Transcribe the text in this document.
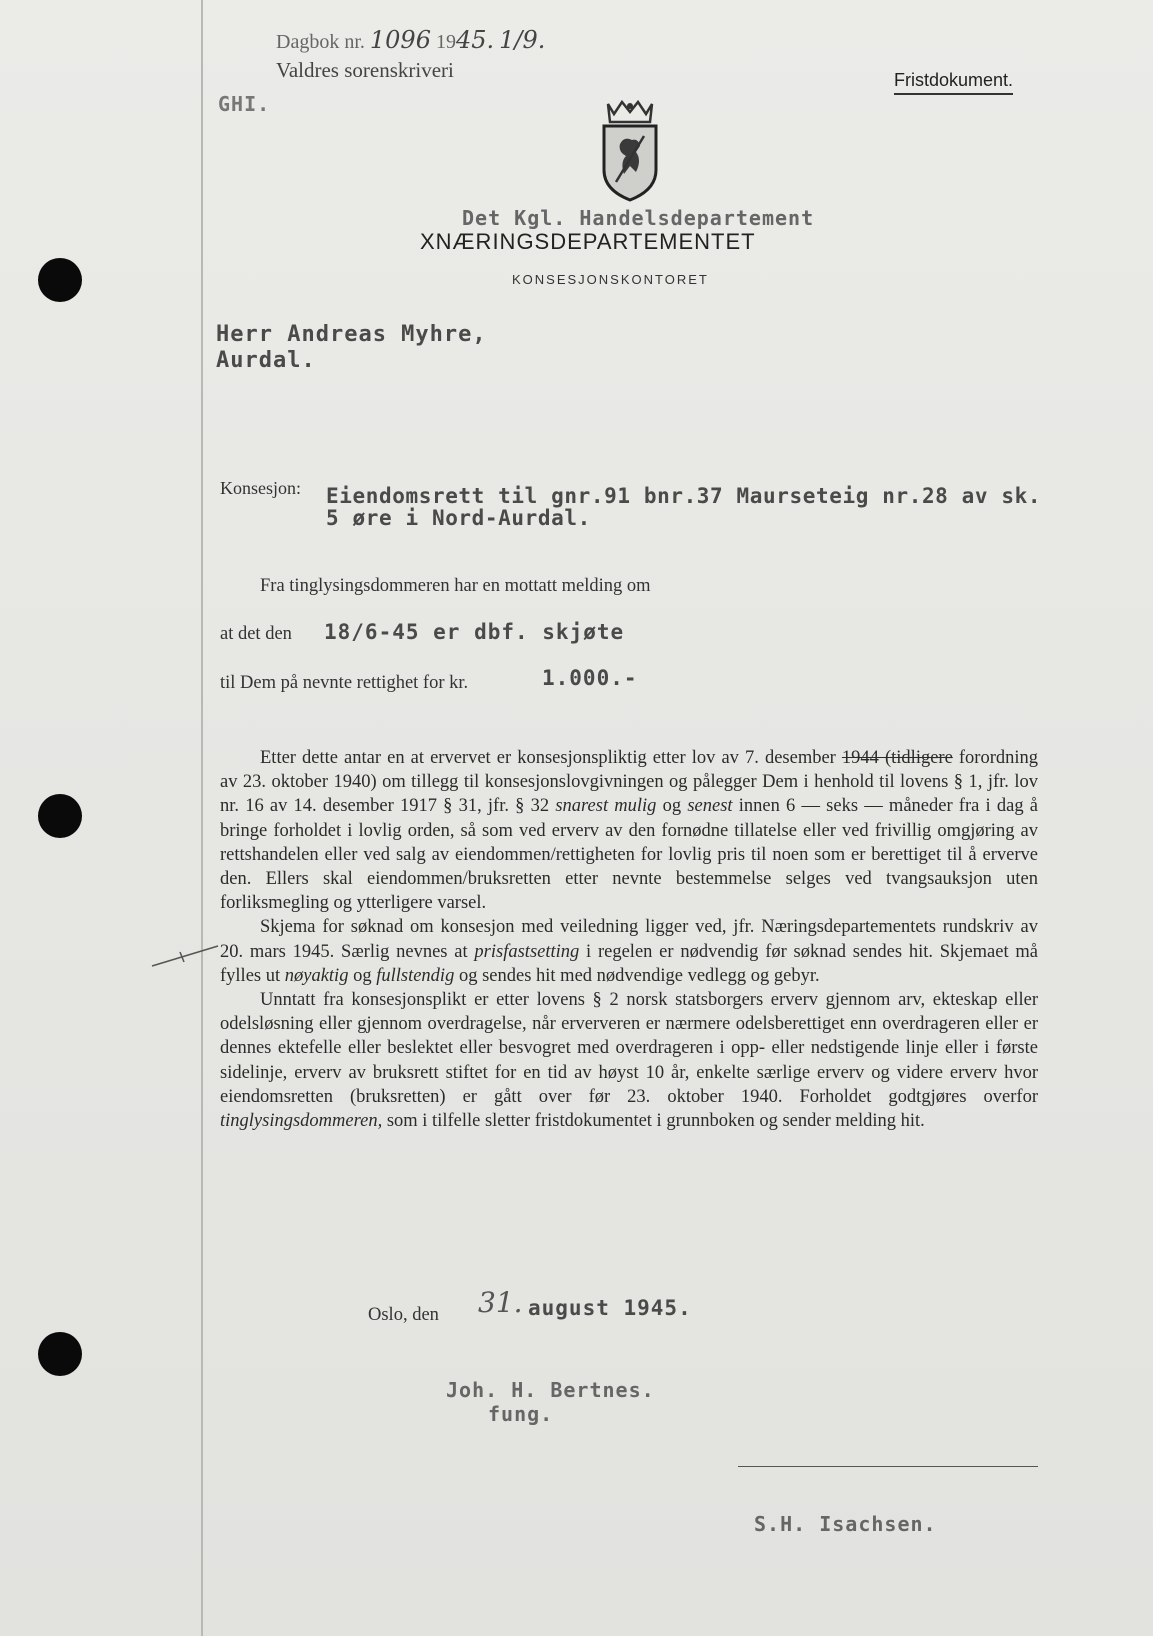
Dagbok nr. 1096 1945. 1/9.
Valdres sorenskriveri
GHI.
Fristdokument.
Det Kgl. Handelsdepartement
XNÆRINGSDEPARTEMENTET
KONSESJONSKONTORET
Herr Andreas Myhre,
Aurdal.
Konsesjon: Eiendomsrett til gnr.91 bnr.37 Maurseteig nr.28 av sk.
5 øre i Nord-Aurdal.
Fra tinglysingsdommeren har en mottatt melding om
at det den 18/6-45 er dbf. skjøte
til Dem på nevnte rettighet for kr.	1.000.-

Etter dette antar en at ervervet er konsesjonspliktig etter lov av 7. desember 1944 (tidligere forordning av 23. oktober 1940) om tillegg til konsesjonslovgivningen og pålegger Dem i henhold til lovens § 1, jfr. lov nr. 16 av 14. desember 1917 § 31, jfr. § 32 snarest mulig og senest innen 6 — seks — måneder fra i dag å bringe forholdet i lovlig orden, så som ved erverv av den fornødne tillatelse eller ved frivillig omgjøring av rettshandelen eller ved salg av eiendommen/rettigheten for lovlig pris til noen som er berettiget til å erverve den. Ellers skal eiendommen/bruksretten etter nevnte bestemmelse selges ved tvangsauksjon uten forliksmegling og ytterligere varsel.

Skjema for søknad om konsesjon med veiledning ligger ved, jfr. Næringsdepartementets rundskriv av 20. mars 1945. Særlig nevnes at prisfastsetting i regelen er nødvendig før søknad sendes hit. Skjemaet må fylles ut nøyaktig og fullstendig og sendes hit med nødvendige vedlegg og gebyr.

Unntatt fra konsesjonsplikt er etter lovens § 2 norsk statsborgers erverv gjennom arv, ekteskap eller odelsløsning eller gjennom overdragelse, når erververen er nærmere odelsberettiget enn overdrageren eller er dennes ektefelle eller beslektet eller besvogret med overdrageren i opp- eller nedstigende linje eller i første sidelinje, erverv av bruksrett stiftet for en tid av høyst 10 år, enkelte særlige erverv og videre erverv hvor eiendomsretten (bruksretten) er gått over før 23. oktober 1940. Forholdet godtgjøres overfor tinglysingsdommeren, som i tilfelle sletter fristdokumentet i grunnboken og sender melding hit.

Oslo, den 31. august 1945.
Joh. H. Bertnes.
fung.
S.H. Isachsen.
